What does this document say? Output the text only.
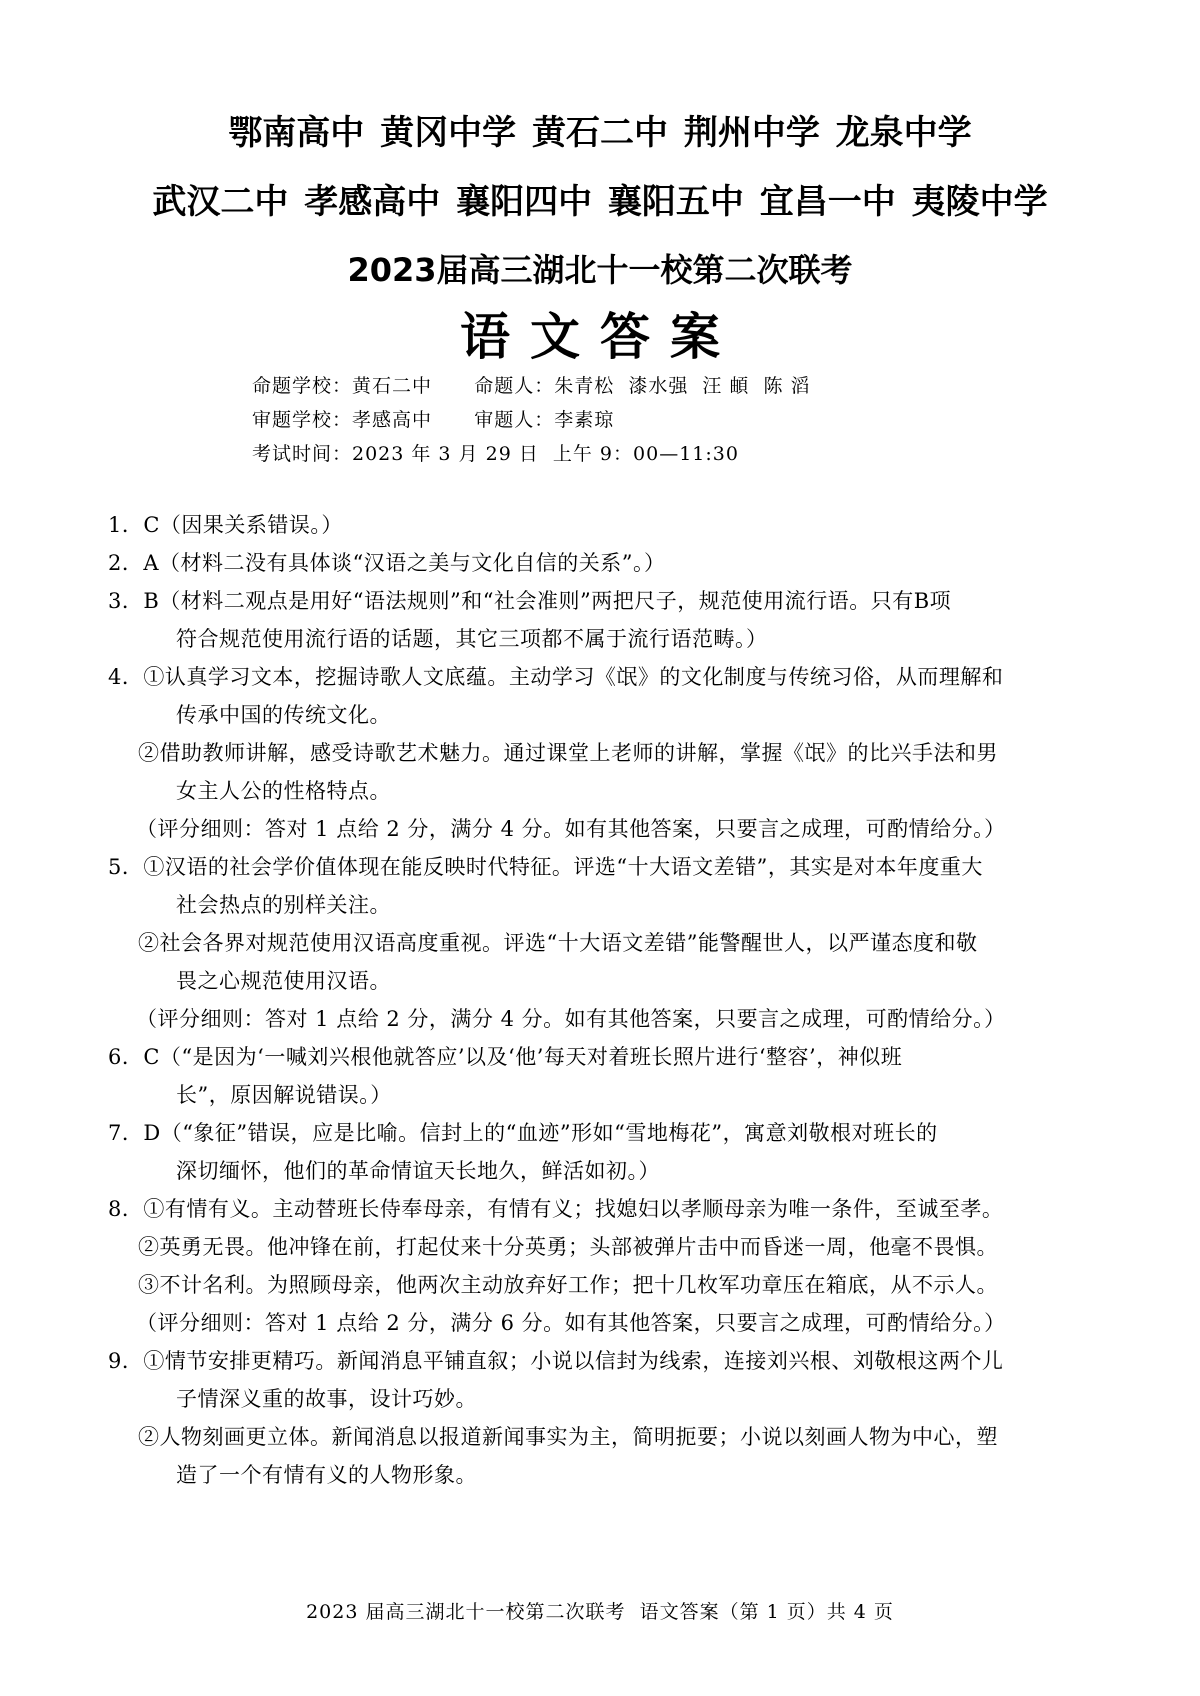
鄂南高中 黄冈中学 黄石二中 荆州中学 龙泉中学
武汉二中 孝感高中 襄阳四中 襄阳五中 宜昌一中 夷陵中学
2023届高三湖北十一校第二次联考
语文答案
命题学校：黄石二中      命题人：朱青松  漆水强  汪 頔  陈 滔
审题学校：孝感高中      审题人：李素琼
考试时间：2023 年 3 月 29 日  上午 9：00—11:30
1．C（因果关系错误。）
2．A（材料二没有具体谈“汉语之美与文化自信的关系”。）
3．B（材料二观点是用好“语法规则”和“社会准则”两把尺子，规范使用流行语。只有B项
符合规范使用流行语的话题，其它三项都不属于流行语范畴。）
4．①认真学习文本，挖掘诗歌人文底蕴。主动学习《氓》的文化制度与传统习俗，从而理解和
传承中国的传统文化。
②借助教师讲解，感受诗歌艺术魅力。通过课堂上老师的讲解，掌握《氓》的比兴手法和男
女主人公的性格特点。
（评分细则：答对 1 点给 2 分，满分 4 分。如有其他答案，只要言之成理，可酌情给分。）
5．①汉语的社会学价值体现在能反映时代特征。评选“十大语文差错”，其实是对本年度重大
社会热点的别样关注。
②社会各界对规范使用汉语高度重视。评选“十大语文差错”能警醒世人，以严谨态度和敬
畏之心规范使用汉语。
（评分细则：答对 1 点给 2 分，满分 4 分。如有其他答案，只要言之成理，可酌情给分。）
6．C（“是因为‘一喊刘兴根他就答应’以及‘他’每天对着班长照片进行‘整容’，神似班
长”，原因解说错误。）
7．D（“象征”错误，应是比喻。信封上的“血迹”形如“雪地梅花”，寓意刘敬根对班长的
深切缅怀，他们的革命情谊天长地久，鲜活如初。）
8．①有情有义。主动替班长侍奉母亲，有情有义；找媳妇以孝顺母亲为唯一条件，至诚至孝。
②英勇无畏。他冲锋在前，打起仗来十分英勇；头部被弹片击中而昏迷一周，他毫不畏惧。
③不计名利。为照顾母亲，他两次主动放弃好工作；把十几枚军功章压在箱底，从不示人。
（评分细则：答对 1 点给 2 分，满分 6 分。如有其他答案，只要言之成理，可酌情给分。）
9．①情节安排更精巧。新闻消息平铺直叙；小说以信封为线索，连接刘兴根、刘敬根这两个儿
子情深义重的故事，设计巧妙。
②人物刻画更立体。新闻消息以报道新闻事实为主，简明扼要；小说以刻画人物为中心，塑
造了一个有情有义的人物形象。
2023 届高三湖北十一校第二次联考  语文答案（第 1 页）共 4 页
